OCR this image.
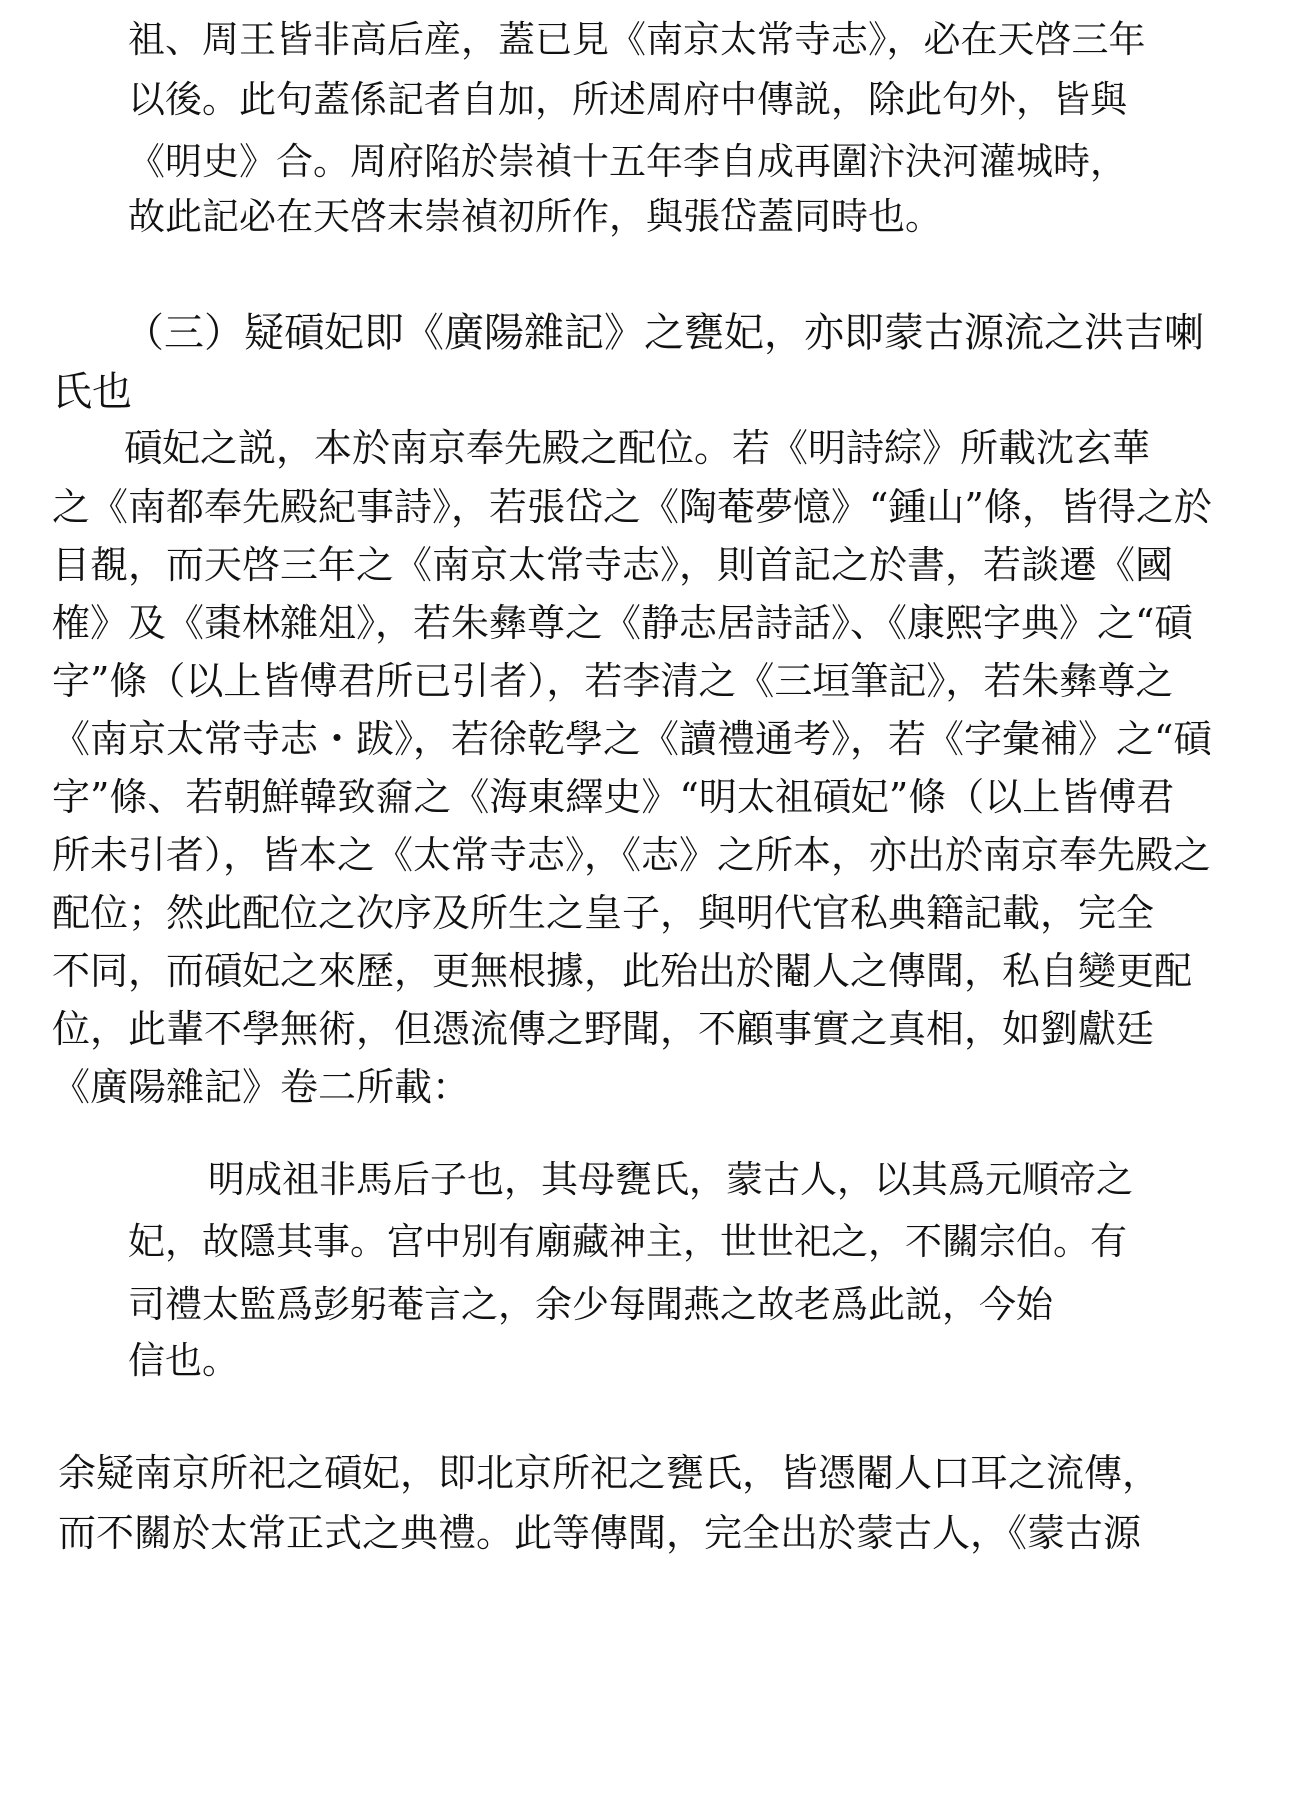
祖、周王皆非高后産，蓋已見《南京太常寺志》，必在天啓三年
以後。此句蓋係記者自加，所述周府中傳説，除此句外，皆與
《明史》合。周府陷於崇禎十五年李自成再圍汴決河灌城時，
故此記必在天啓末崇禎初所作，與張岱蓋同時也。
（三）疑碽妃即《廣陽雜記》之甕妃，亦即蒙古源流之洪吉喇
氏也
碽妃之説，本於南京奉先殿之配位。若《明詩綜》所載沈玄華
之《南都奉先殿紀事詩》，若張岱之《陶菴夢憶》“鍾山”條，皆得之於
目覩，而天啓三年之《南京太常寺志》，則首記之於書，若談遷《國
榷》及《棗林雜俎》，若朱彝尊之《静志居詩話》、《康熙字典》之“碽
字”條（以上皆傅君所已引者），若李清之《三垣筆記》，若朱彝尊之
《南京太常寺志・跋》，若徐乾學之《讀禮通考》，若《字彙補》之“碽
字”條、若朝鮮韓致奫之《海東繹史》“明太祖碽妃”條（以上皆傅君
所未引者），皆本之《太常寺志》，《志》之所本，亦出於南京奉先殿之
配位；然此配位之次序及所生之皇子，與明代官私典籍記載，完全
不同，而碽妃之來歷，更無根據，此殆出於閹人之傳聞，私自變更配
位，此輩不學無術，但憑流傳之野聞，不顧事實之真相，如劉獻廷
《廣陽雜記》卷二所載：
明成祖非馬后子也，其母甕氏，蒙古人，以其爲元順帝之
妃，故隱其事。宫中別有廟藏神主，世世祀之，不關宗伯。有
司禮太監爲彭躬菴言之，余少每聞燕之故老爲此説，今始
信也。
余疑南京所祀之碽妃，即北京所祀之甕氏，皆憑閹人口耳之流傳，
而不關於太常正式之典禮。此等傳聞，完全出於蒙古人，《蒙古源
